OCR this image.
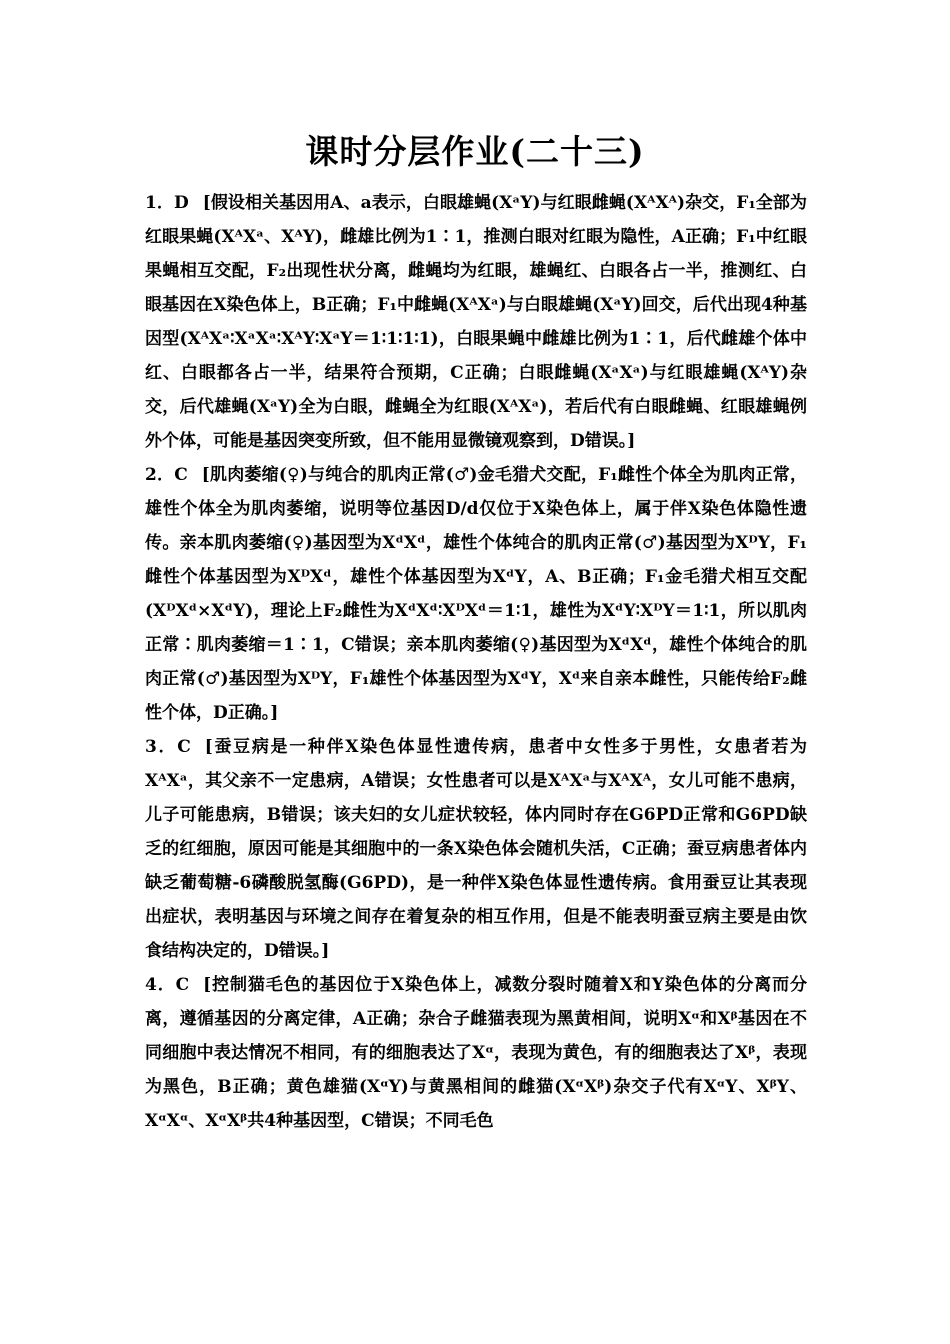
课时分层作业(二十三)

1．D [假设相关基因用A、a表示，白眼雄蝇(XᵃY)与红眼雌蝇(XᴬXᴬ)杂交，F₁全部为红眼果蝇(XᴬXᵃ、XᴬY)，雌雄比例为1∶1，推测白眼对红眼为隐性，A正确；F₁中红眼果蝇相互交配，F₂出现性状分离，雌蝇均为红眼，雄蝇红、白眼各占一半，推测红、白眼基因在X染色体上，B正确；F₁中雌蝇(XᴬXᵃ)与白眼雄蝇(XᵃY)回交，后代出现4种基因型(XᴬXᵃ∶XᵃXᵃ∶XᴬY∶XᵃY＝1∶1∶1∶1)，白眼果蝇中雌雄比例为1∶1，后代雌雄个体中红、白眼都各占一半，结果符合预期，C正确；白眼雌蝇(XᵃXᵃ)与红眼雄蝇(XᴬY)杂交，后代雄蝇(XᵃY)全为白眼，雌蝇全为红眼(XᴬXᵃ)，若后代有白眼雌蝇、红眼雄蝇例外个体，可能是基因突变所致，但不能用显微镜观察到，D错误。]

2．C [肌肉萎缩(♀)与纯合的肌肉正常(♂)金毛猎犬交配，F₁雌性个体全为肌肉正常，雄性个体全为肌肉萎缩，说明等位基因D/d仅位于X染色体上，属于伴X染色体隐性遗传。亲本肌肉萎缩(♀)基因型为XᵈXᵈ，雄性个体纯合的肌肉正常(♂)基因型为XᴰY，F₁雌性个体基因型为XᴰXᵈ，雄性个体基因型为XᵈY，A、B正确；F₁金毛猎犬相互交配(XᴰXᵈ×XᵈY)，理论上F₂雌性为XᵈXᵈ∶XᴰXᵈ＝1∶1，雄性为XᵈY∶XᴰY＝1∶1，所以肌肉正常∶肌肉萎缩＝1∶1，C错误；亲本肌肉萎缩(♀)基因型为XᵈXᵈ，雄性个体纯合的肌肉正常(♂)基因型为XᴰY，F₁雄性个体基因型为XᵈY，Xᵈ来自亲本雌性，只能传给F₂雌性个体，D正确。]

3．C [蚕豆病是一种伴X染色体显性遗传病，患者中女性多于男性，女患者若为XᴬXᵃ，其父亲不一定患病，A错误；女性患者可以是XᴬXᵃ与XᴬXᴬ，女儿可能不患病，儿子可能患病，B错误；该夫妇的女儿症状较轻，体内同时存在G6PD正常和G6PD缺乏的红细胞，原因可能是其细胞中的一条X染色体会随机失活，C正确；蚕豆病患者体内缺乏葡萄糖-6磷酸脱氢酶(G6PD)，是一种伴X染色体显性遗传病。食用蚕豆让其表现出症状，表明基因与环境之间存在着复杂的相互作用，但是不能表明蚕豆病主要是由饮食结构决定的，D错误。]

4．C [控制猫毛色的基因位于X染色体上，减数分裂时随着X和Y染色体的分离而分离，遵循基因的分离定律，A正确；杂合子雌猫表现为黑黄相间，说明Xᵅ和Xᵝ基因在不同细胞中表达情况不相同，有的细胞表达了Xᵅ，表现为黄色，有的细胞表达了Xᵝ，表现为黑色，B正确；黄色雄猫(XᵅY)与黄黑相间的雌猫(XᵅXᵝ)杂交子代有XᵅY、XᵝY、XᵅXᵅ、XᵅXᵝ共4种基因型，C错误；不同毛色
